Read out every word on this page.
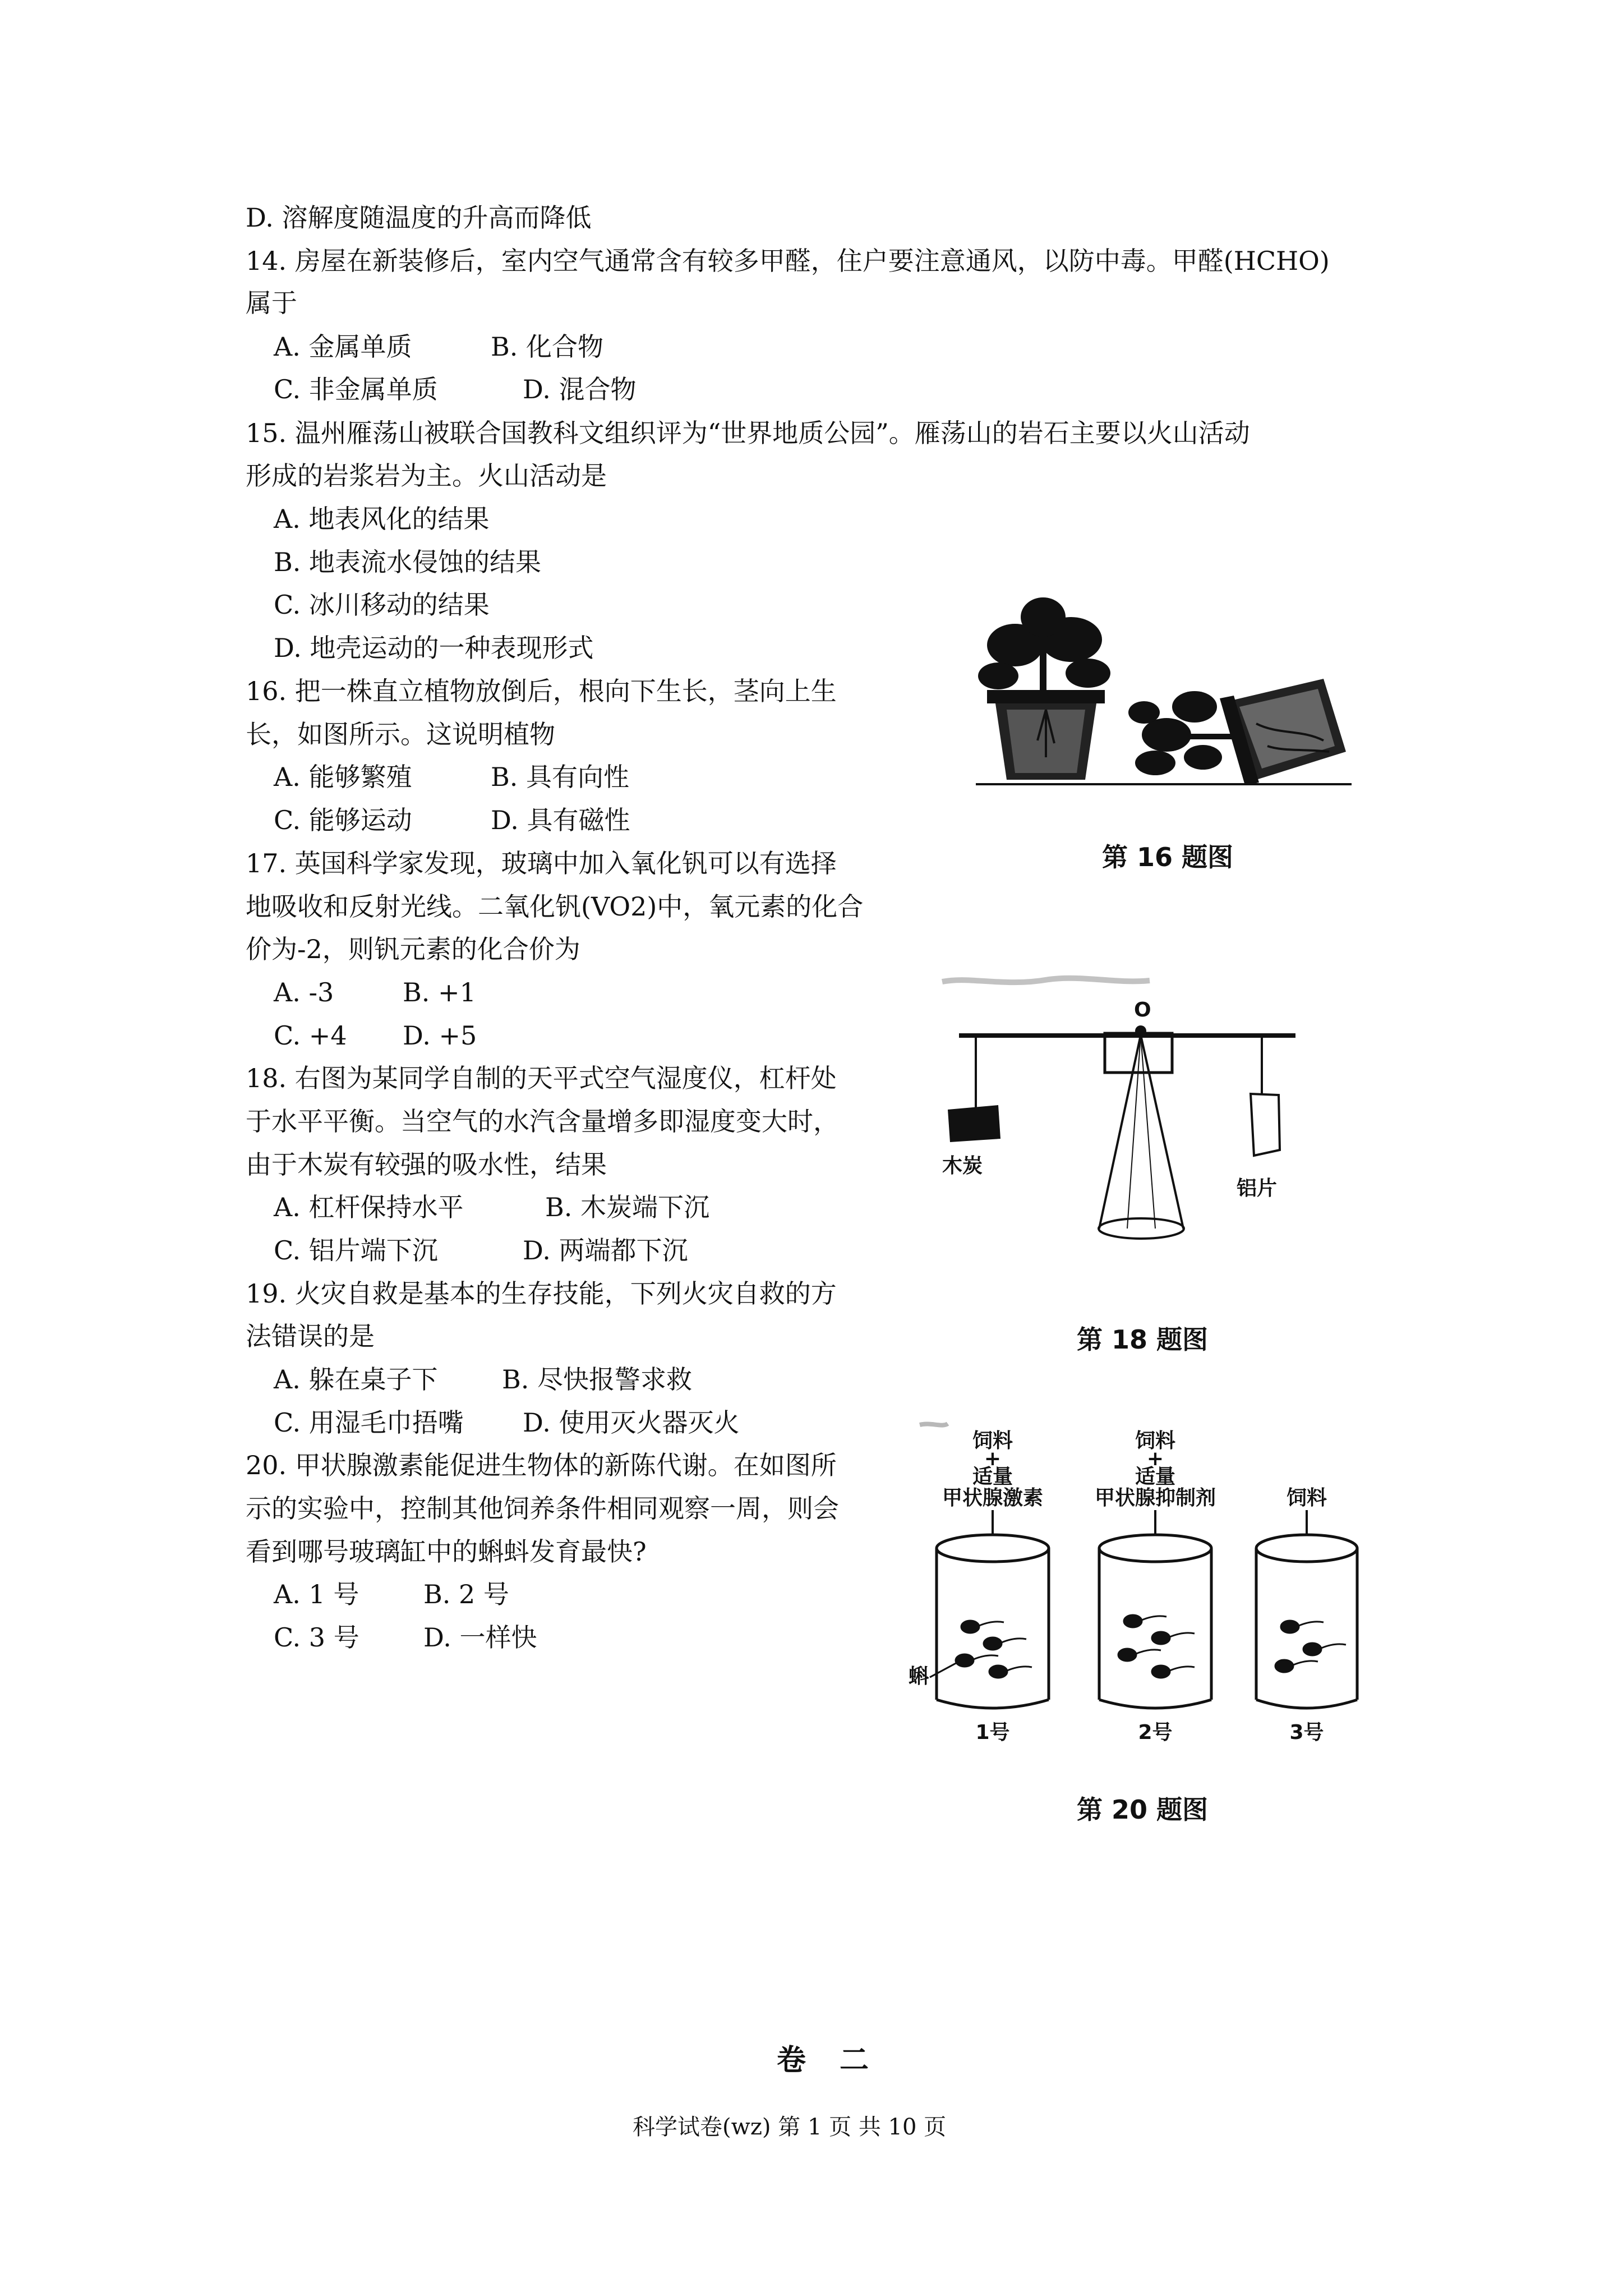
D. 溶解度随温度的升高而降低
14. 房屋在新装修后，室内空气通常含有较多甲醛，住户要注意通风，以防中毒。甲醛(HCHO)
属于
A. 金属单质	B. 化合物
C. 非金属单质	D. 混合物
15. 温州雁荡山被联合国教科文组织评为“世界地质公园”。雁荡山的岩石主要以火山活动
形成的岩浆岩为主。火山活动是
A. 地表风化的结果
B. 地表流水侵蚀的结果
C. 冰川移动的结果
D. 地壳运动的一种表现形式
16. 把一株直立植物放倒后，根向下生长，茎向上生
长，如图所示。这说明植物
A. 能够繁殖	B. 具有向性
C. 能够运动	D. 具有磁性
第 16 题图
17. 英国科学家发现，玻璃中加入氧化钒可以有选择
地吸收和反射光线。二氧化钒(VO2)中，氧元素的化合
价为-2，则钒元素的化合价为
A. -3	B. +1
C. +4 D. +5
18. 右图为某同学自制的天平式空气湿度仪，杠杆处
于水平平衡。当空气的水汽含量增多即湿度变大时，
由于木炭有较强的吸水性，结果
A. 杠杆保持水平	B. 木炭端下沉
C. 铝片端下沉	D. 两端都下沉
O
木炭
铝片
第 18 题图
19. 火灾自救是基本的生存技能，下列火灾自救的方
法错误的是
A. 躲在桌子下 B. 尽快报警求救
C. 用湿毛巾捂嘴 D. 使用灭火器灭火
20. 甲状腺激素能促进生物体的新陈代谢。在如图所
示的实验中，控制其他饲养条件相同观察一周，则会
看到哪号玻璃缸中的蝌蚪发育最快?
A. 1 号 B. 2 号
C. 3 号 D. 一样快
饲料
+
适量
甲状腺激素
饲料
+
适量
甲状腺抑制剂	饲料
蝌
1号	2号	3号
第 20 题图
卷二
科学试卷(wz) 第 1 页 共 10 页
